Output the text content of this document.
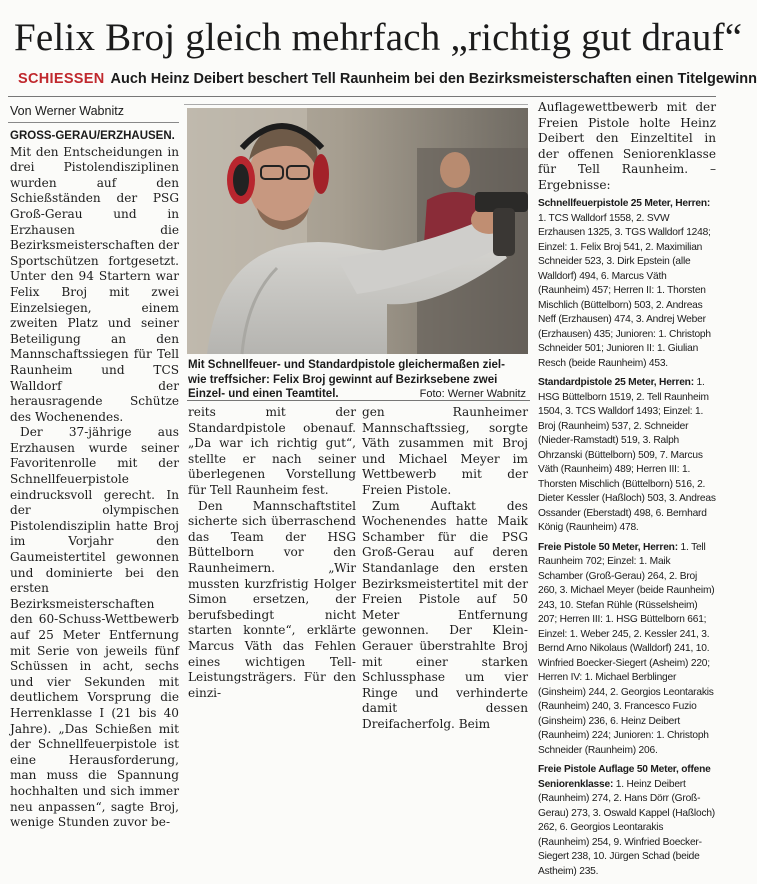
Felix Broj gleich mehrfach „richtig gut drauf“
SCHIESSEN Auch Heinz Deibert beschert Tell Raunheim bei den Bezirksmeisterschaften einen Titelgewinn
Von Werner Wabnitz

GROSS-GERAU/ERZHAUSEN. Mit den Entscheidungen in drei Pistolendisziplinen wurden auf den Schießständen der PSG Groß-Gerau und in Erzhausen die Bezirksmeisterschaften der Sportschützen fortgesetzt. Unter den 94 Startern war Felix Broj mit zwei Einzelsiegen, einem zweiten Platz und seiner Beteiligung an den Mannschaftssiegen für Tell Raunheim und TCS Walldorf der herausragende Schütze des Wochenendes.

Der 37-jährige aus Erzhausen wurde seiner Favoritenrolle mit der Schnellfeuerpistole eindrucksvoll gerecht. In der olympischen Pistolendisziplin hatte Broj im Vorjahr den Gaumeistertitel gewonnen und dominierte bei den ersten Bezirksmeisterschaften den 60-Schuss-Wettbewerb auf 25 Meter Entfernung mit Serie von jeweils fünf Schüssen in acht, sechs und vier Sekunden mit deutlichem Vorsprung die Herrenklasse I (21 bis 40 Jahre). „Das Schießen mit der Schnellfeuerpistole ist eine Herausforderung, man muss die Spannung hochhalten und sich immer neu anpassen“, sagte Broj, wenige Stunden zuvor be-

Mit Schnellfeuer- und Standardpistole gleichermaßen ziel- wie treffsicher: Felix Broj gewinnt auf Bezirksebene zwei Einzel- und einen Teamtitel.	Foto: Werner Wabnitz

reits mit der Standardpistole obenauf. „Da war ich richtig gut“, stellte er nach seiner überlegenen Vorstellung für Tell Raunheim fest.

Den Mannschaftstitel sicherte sich überraschend das Team der HSG Büttelborn vor den Raunheimern. „Wir mussten kurzfristig Holger Simon ersetzen, der berufsbedingt nicht starten konnte“, erklärte Marcus Väth das Fehlen eines wichtigen Tell-Leistungsträgers. Für den einzi-

gen Raunheimer Mannschaftssieg, sorgte Väth zusammen mit Broj und Michael Meyer im Wettbewerb mit der Freien Pistole.

Zum Auftakt des Wochenendes hatte Maik Schamber für die PSG Groß-Gerau auf deren Standanlage den ersten Bezirksmeistertitel mit der Freien Pistole auf 50 Meter Entfernung gewonnen. Der Klein-Gerauer überstrahlte Broj mit einer starken Schlussphase um vier Ringe und verhinderte damit dessen Dreifacherfolg. Beim

Auflagewettbewerb mit der Freien Pistole holte Heinz Deibert den Einzeltitel in der offenen Seniorenklasse für Tell Raunheim. – Ergebnisse:

Schnellfeuerpistole 25 Meter, Herren: 1. TCS Walldorf 1558, 2. SVW Erzhausen 1325, 3. TGS Walldorf 1248; Einzel: 1. Felix Broj 541, 2. Maximilian Schneider 523, 3. Dirk Epstein (alle Walldorf) 494, 6. Marcus Väth (Raunheim) 457; Herren II: 1. Thorsten Mischlich (Büttelborn) 503, 2. Andreas Neff (Erzhausen) 474, 3. Andrej Weber (Erzhausen) 435; Junioren: 1. Christoph Schneider 501; Junioren II: 1. Giulian Resch (beide Raunheim) 453.

Standardpistole 25 Meter, Herren: 1. HSG Büttelborn 1519, 2. Tell Raunheim 1504, 3. TCS Walldorf 1493; Einzel: 1. Broj (Raunheim) 537, 2. Schneider (Nieder-Ramstadt) 519, 3. Ralph Ohrzanski (Büttelborn) 509, 7. Marcus Väth (Raunheim) 489; Herren III: 1. Thorsten Mischlich (Büttelborn) 516, 2. Dieter Kessler (Haßloch) 503, 3. Andreas Ossander (Eberstadt) 498, 6. Bernhard König (Raunheim) 478.

Freie Pistole 50 Meter, Herren: 1. Tell Raunheim 702; Einzel: 1. Maik Schamber (Groß-Gerau) 264, 2. Broj 260, 3. Michael Meyer (beide Raunheim) 243, 10. Stefan Rühle (Rüsselsheim) 207; Herren III: 1. HSG Büttelborn 661; Einzel: 1. Weber 245, 2. Kessler 241, 3. Bernd Arno Nikolaus (Walldorf) 241, 10. Winfried Boecker-Siegert (Asheim) 220; Herren IV: 1. Michael Berblinger (Ginsheim) 244, 2. Georgios Leontarakis (Raunheim) 240, 3. Francesco Fuzio (Ginsheim) 236, 6. Heinz Deibert (Raunheim) 224; Junioren: 1. Christoph Schneider (Raunheim) 206.

Freie Pistole Auflage 50 Meter, offene Seniorenklasse: 1. Heinz Deibert (Raunheim) 274, 2. Hans Dörr (Groß-Gerau) 273, 3. Oswald Kappel (Haßloch) 262, 6. Georgios Leontarakis (Raunheim) 254, 9. Winfried Boecker-Siegert 238, 10. Jürgen Schad (beide Astheim) 235.
